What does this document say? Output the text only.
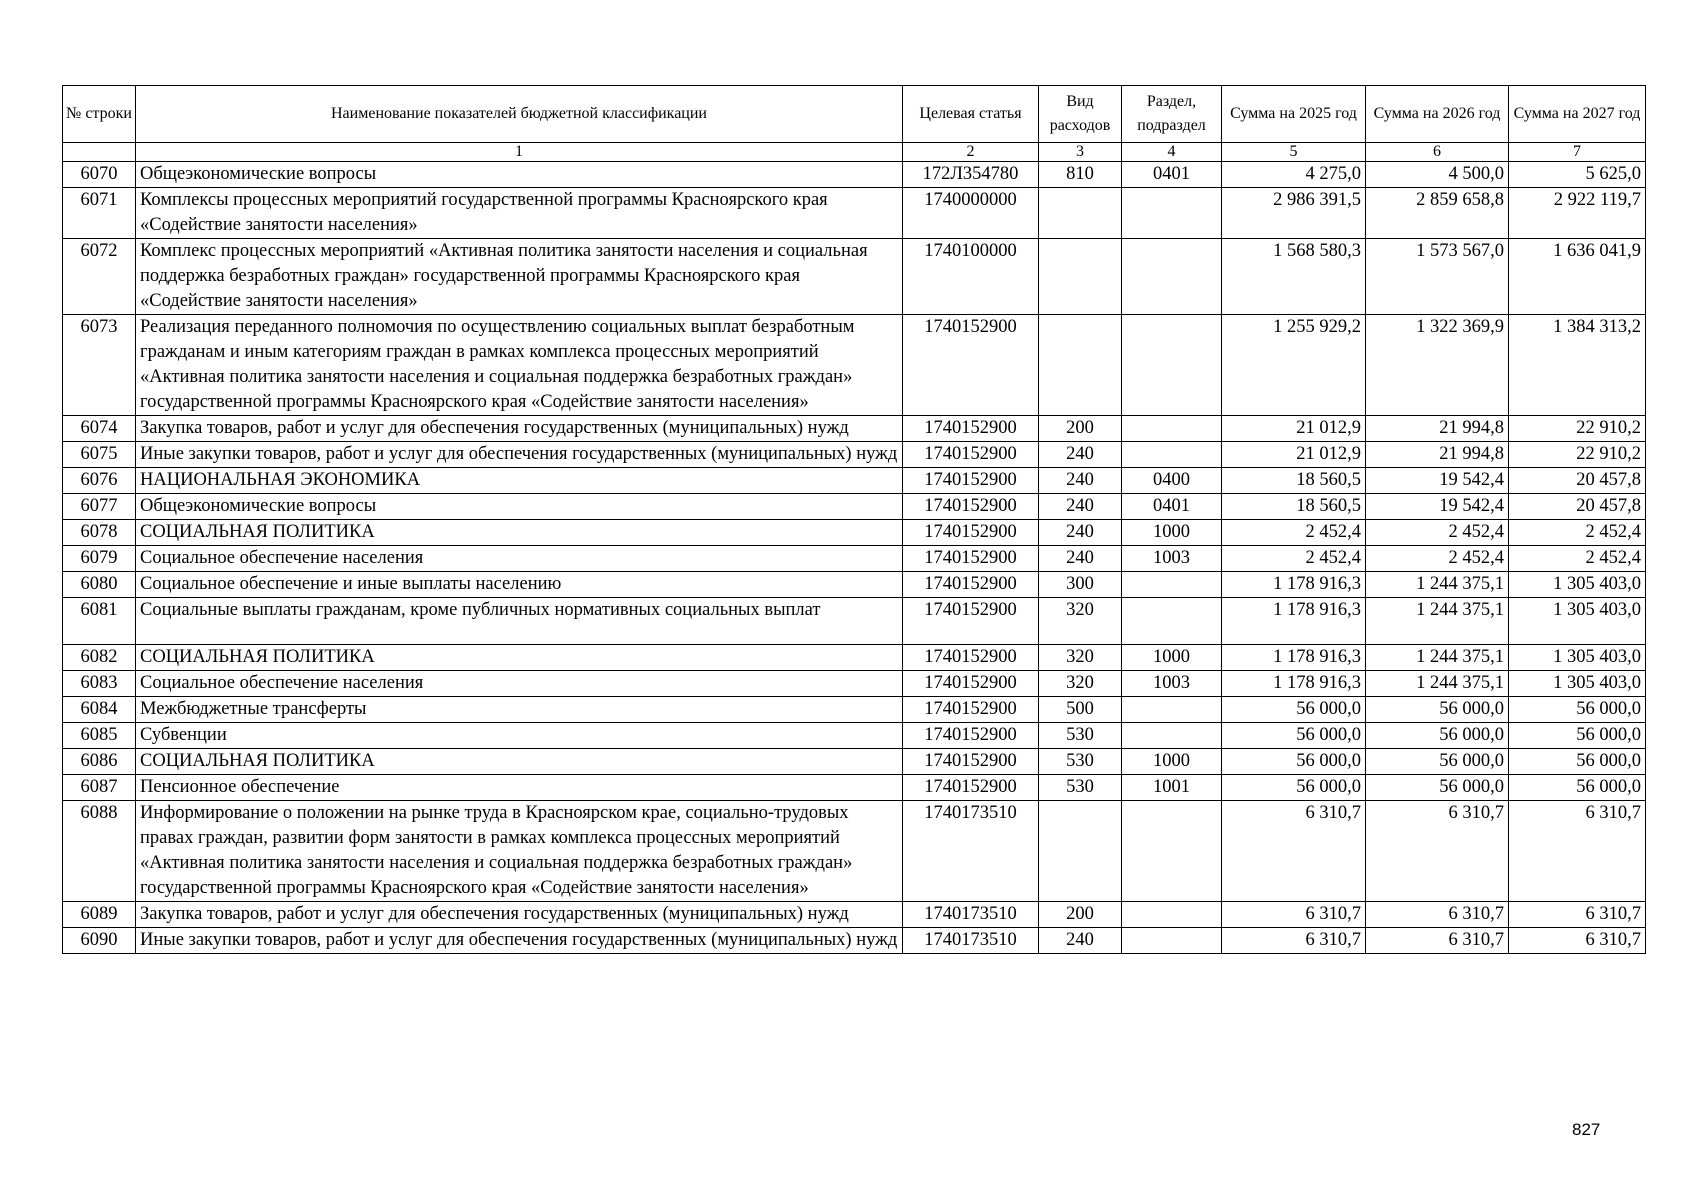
№ строки	Наименование показателей бюджетной классификации	Целевая статья	Вид расходов	Раздел, подраздел	Сумма на 2025 год	Сумма на 2026 год	Сумма на 2027 год
	1	2	3	4	5	6	7
6070	Общеэкономические вопросы	172Л354780	810	0401	4 275,0	4 500,0	5 625,0
6071	Комплексы процессных мероприятий государственной программы Красноярского края «Содействие занятости населения»	1740000000			2 986 391,5	2 859 658,8	2 922 119,7
6072	Комплекс процессных мероприятий «Активная политика занятости населения и социальная поддержка безработных граждан» государственной программы Красноярского края «Содействие занятости населения»	1740100000			1 568 580,3	1 573 567,0	1 636 041,9
6073	Реализация переданного полномочия по осуществлению социальных выплат безработным гражданам и иным категориям граждан в рамках комплекса процессных мероприятий «Активная политика занятости населения и социальная поддержка безработных граждан» государственной программы Красноярского края «Содействие занятости населения»	1740152900			1 255 929,2	1 322 369,9	1 384 313,2
6074	Закупка товаров, работ и услуг для обеспечения государственных (муниципальных) нужд	1740152900	200		21 012,9	21 994,8	22 910,2
6075	Иные закупки товаров, работ и услуг для обеспечения государственных (муниципальных) нужд	1740152900	240		21 012,9	21 994,8	22 910,2
6076	НАЦИОНАЛЬНАЯ ЭКОНОМИКА	1740152900	240	0400	18 560,5	19 542,4	20 457,8
6077	Общеэкономические вопросы	1740152900	240	0401	18 560,5	19 542,4	20 457,8
6078	СОЦИАЛЬНАЯ ПОЛИТИКА	1740152900	240	1000	2 452,4	2 452,4	2 452,4
6079	Социальное обеспечение населения	1740152900	240	1003	2 452,4	2 452,4	2 452,4
6080	Социальное обеспечение и иные выплаты населению	1740152900	300		1 178 916,3	1 244 375,1	1 305 403,0
6081	Социальные выплаты гражданам, кроме публичных нормативных социальных выплат	1740152900	320		1 178 916,3	1 244 375,1	1 305 403,0
6082	СОЦИАЛЬНАЯ ПОЛИТИКА	1740152900	320	1000	1 178 916,3	1 244 375,1	1 305 403,0
6083	Социальное обеспечение населения	1740152900	320	1003	1 178 916,3	1 244 375,1	1 305 403,0
6084	Межбюджетные трансферты	1740152900	500		56 000,0	56 000,0	56 000,0
6085	Субвенции	1740152900	530		56 000,0	56 000,0	56 000,0
6086	СОЦИАЛЬНАЯ ПОЛИТИКА	1740152900	530	1000	56 000,0	56 000,0	56 000,0
6087	Пенсионное обеспечение	1740152900	530	1001	56 000,0	56 000,0	56 000,0
6088	Информирование о положении на рынке труда в Красноярском крае, социально-трудовых правах граждан, развитии форм занятости в рамках комплекса процессных мероприятий «Активная политика занятости населения и социальная поддержка безработных граждан» государственной программы Красноярского края «Содействие занятости населения»	1740173510			6 310,7	6 310,7	6 310,7
6089	Закупка товаров, работ и услуг для обеспечения государственных (муниципальных) нужд	1740173510	200		6 310,7	6 310,7	6 310,7
6090	Иные закупки товаров, работ и услуг для обеспечения государственных (муниципальных) нужд	1740173510	240		6 310,7	6 310,7	6 310,7
827
